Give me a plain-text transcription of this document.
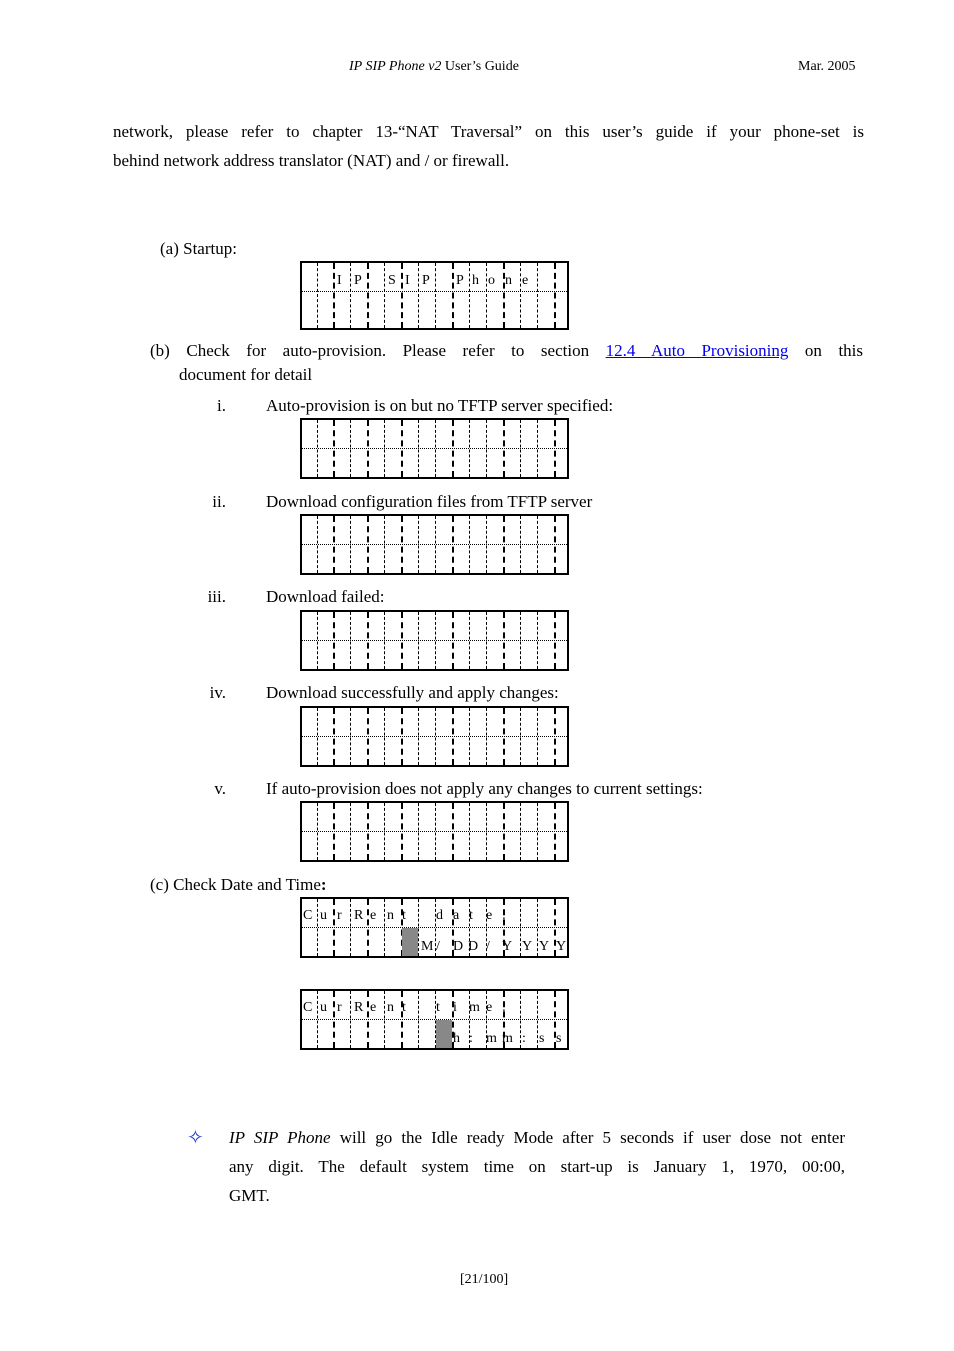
IP SIP Phone v2 User’s Guide	Mar. 2005
network, please refer to chapter 13-“NAT Traversal” on this user’s guide if your phone-set is
behind network address translator (NAT) and / or firewall.
(a) Startup:
I P S I P P h o n e
(b) Check for auto-provision. Please refer to section 12.4 Auto Provisioning on this
document for detail
i. Auto-provision is on but no TFTP server specified:
ii. Download configuration files from TFTP server
iii. Download failed:
iv. Download successfully and apply changes:
v. If auto-provision does not apply any changes to current settings:
(c) Check Date and Time:
C u r R e n t d a t e :
M / D D / Y Y Y Y
C u r R e n t t i m e :
h : m m : s s
✧ IP SIP Phone will go the Idle ready Mode after 5 seconds if user dose not enter
any digit. The default system time on start-up is January 1, 1970, 00:00,
GMT.
[21/100]
